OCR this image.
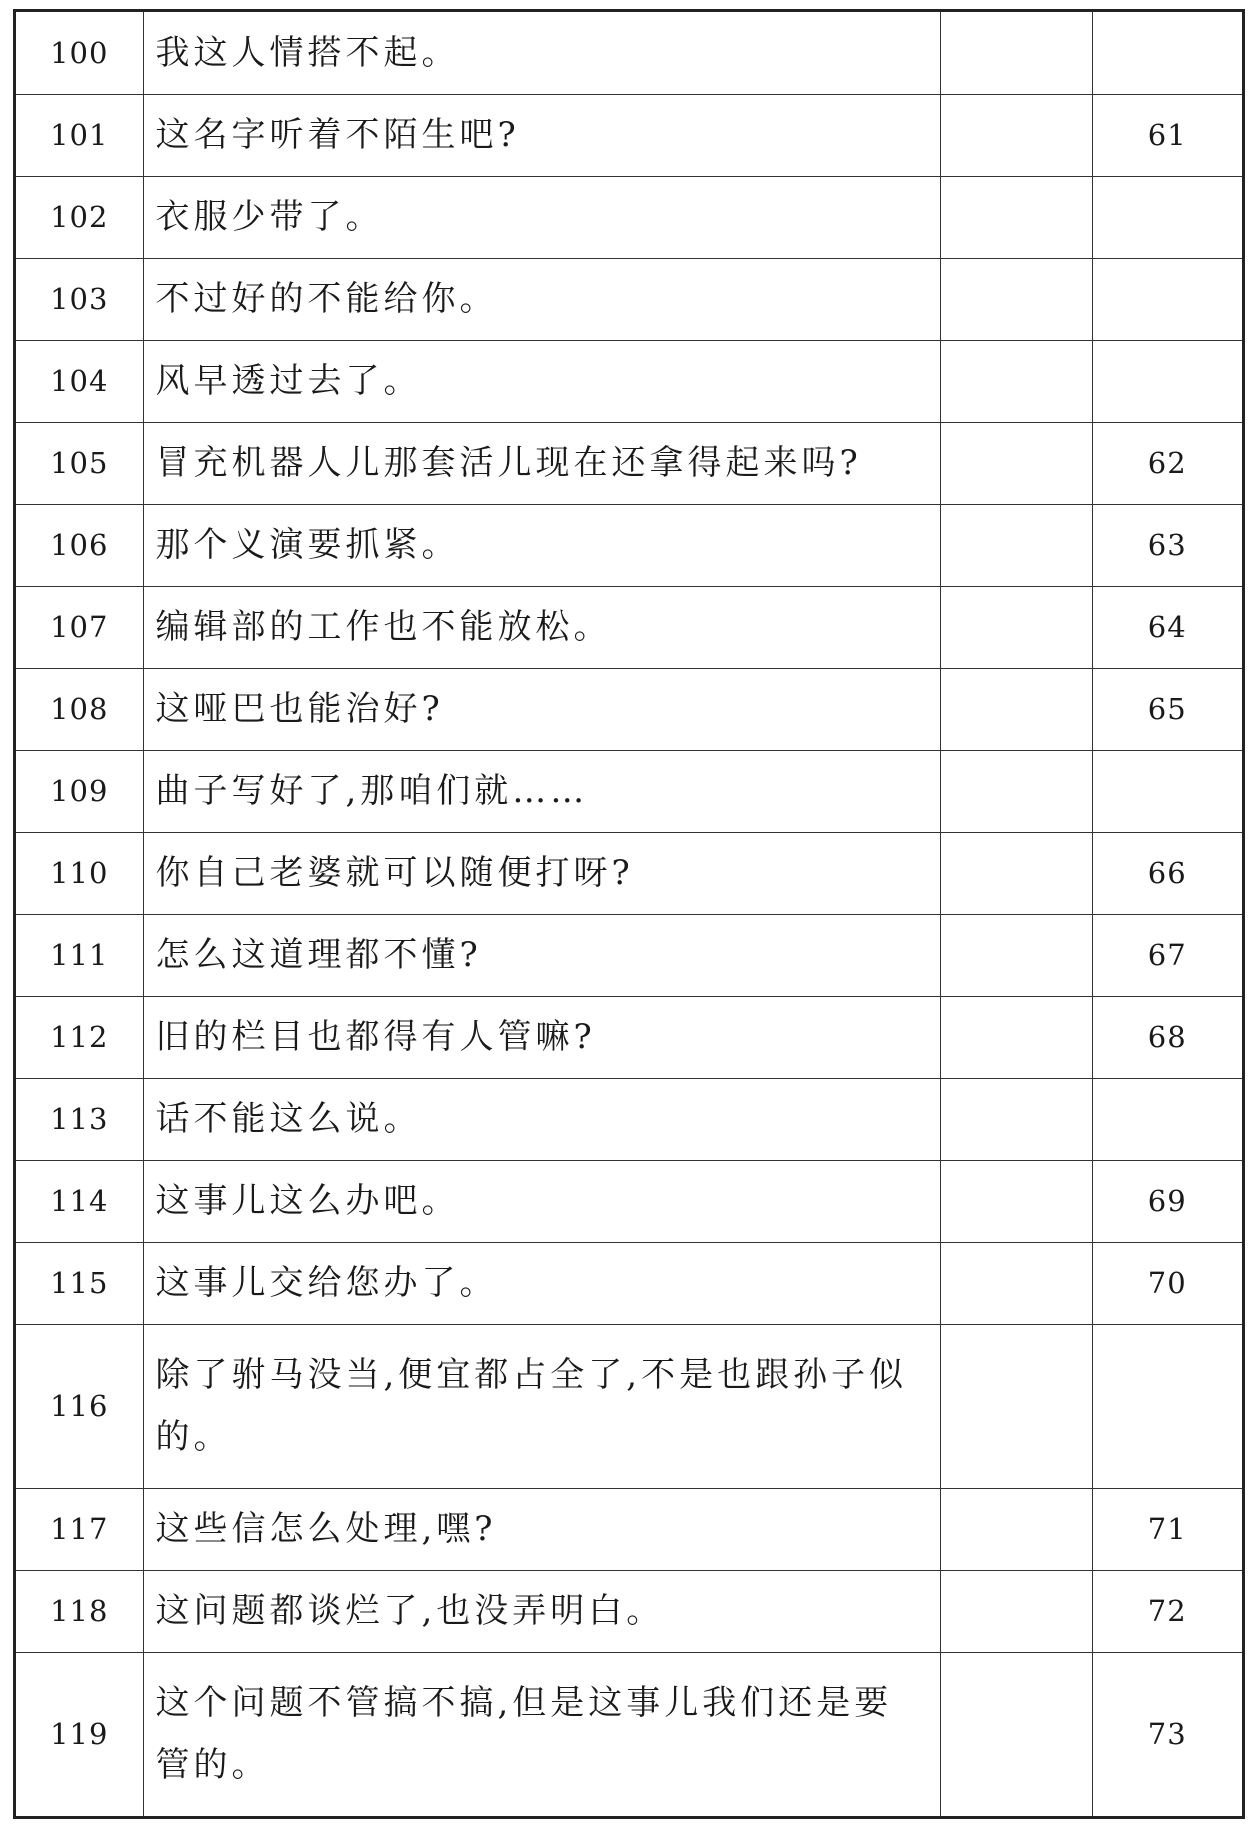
100	我这人情搭不起。		
101	这名字听着不陌生吧?		61
102	衣服少带了。		
103	不过好的不能给你。		
104	风早透过去了。		
105	冒充机器人儿那套活儿现在还拿得起来吗?		62
106	那个义演要抓紧。		63
107	编辑部的工作也不能放松。		64
108	这哑巴也能治好?		65
109	曲子写好了,那咱们就……		
110	你自己老婆就可以随便打呀?		66
111	怎么这道理都不懂?		67
112	旧的栏目也都得有人管嘛?		68
113	话不能这么说。		
114	这事儿这么办吧。		69
115	这事儿交给您办了。		70
116	除了驸马没当,便宜都占全了,不是也跟孙子似的。		
117	这些信怎么处理,嘿?		71
118	这问题都谈烂了,也没弄明白。		72
119	这个问题不管搞不搞,但是这事儿我们还是要管的。		73
